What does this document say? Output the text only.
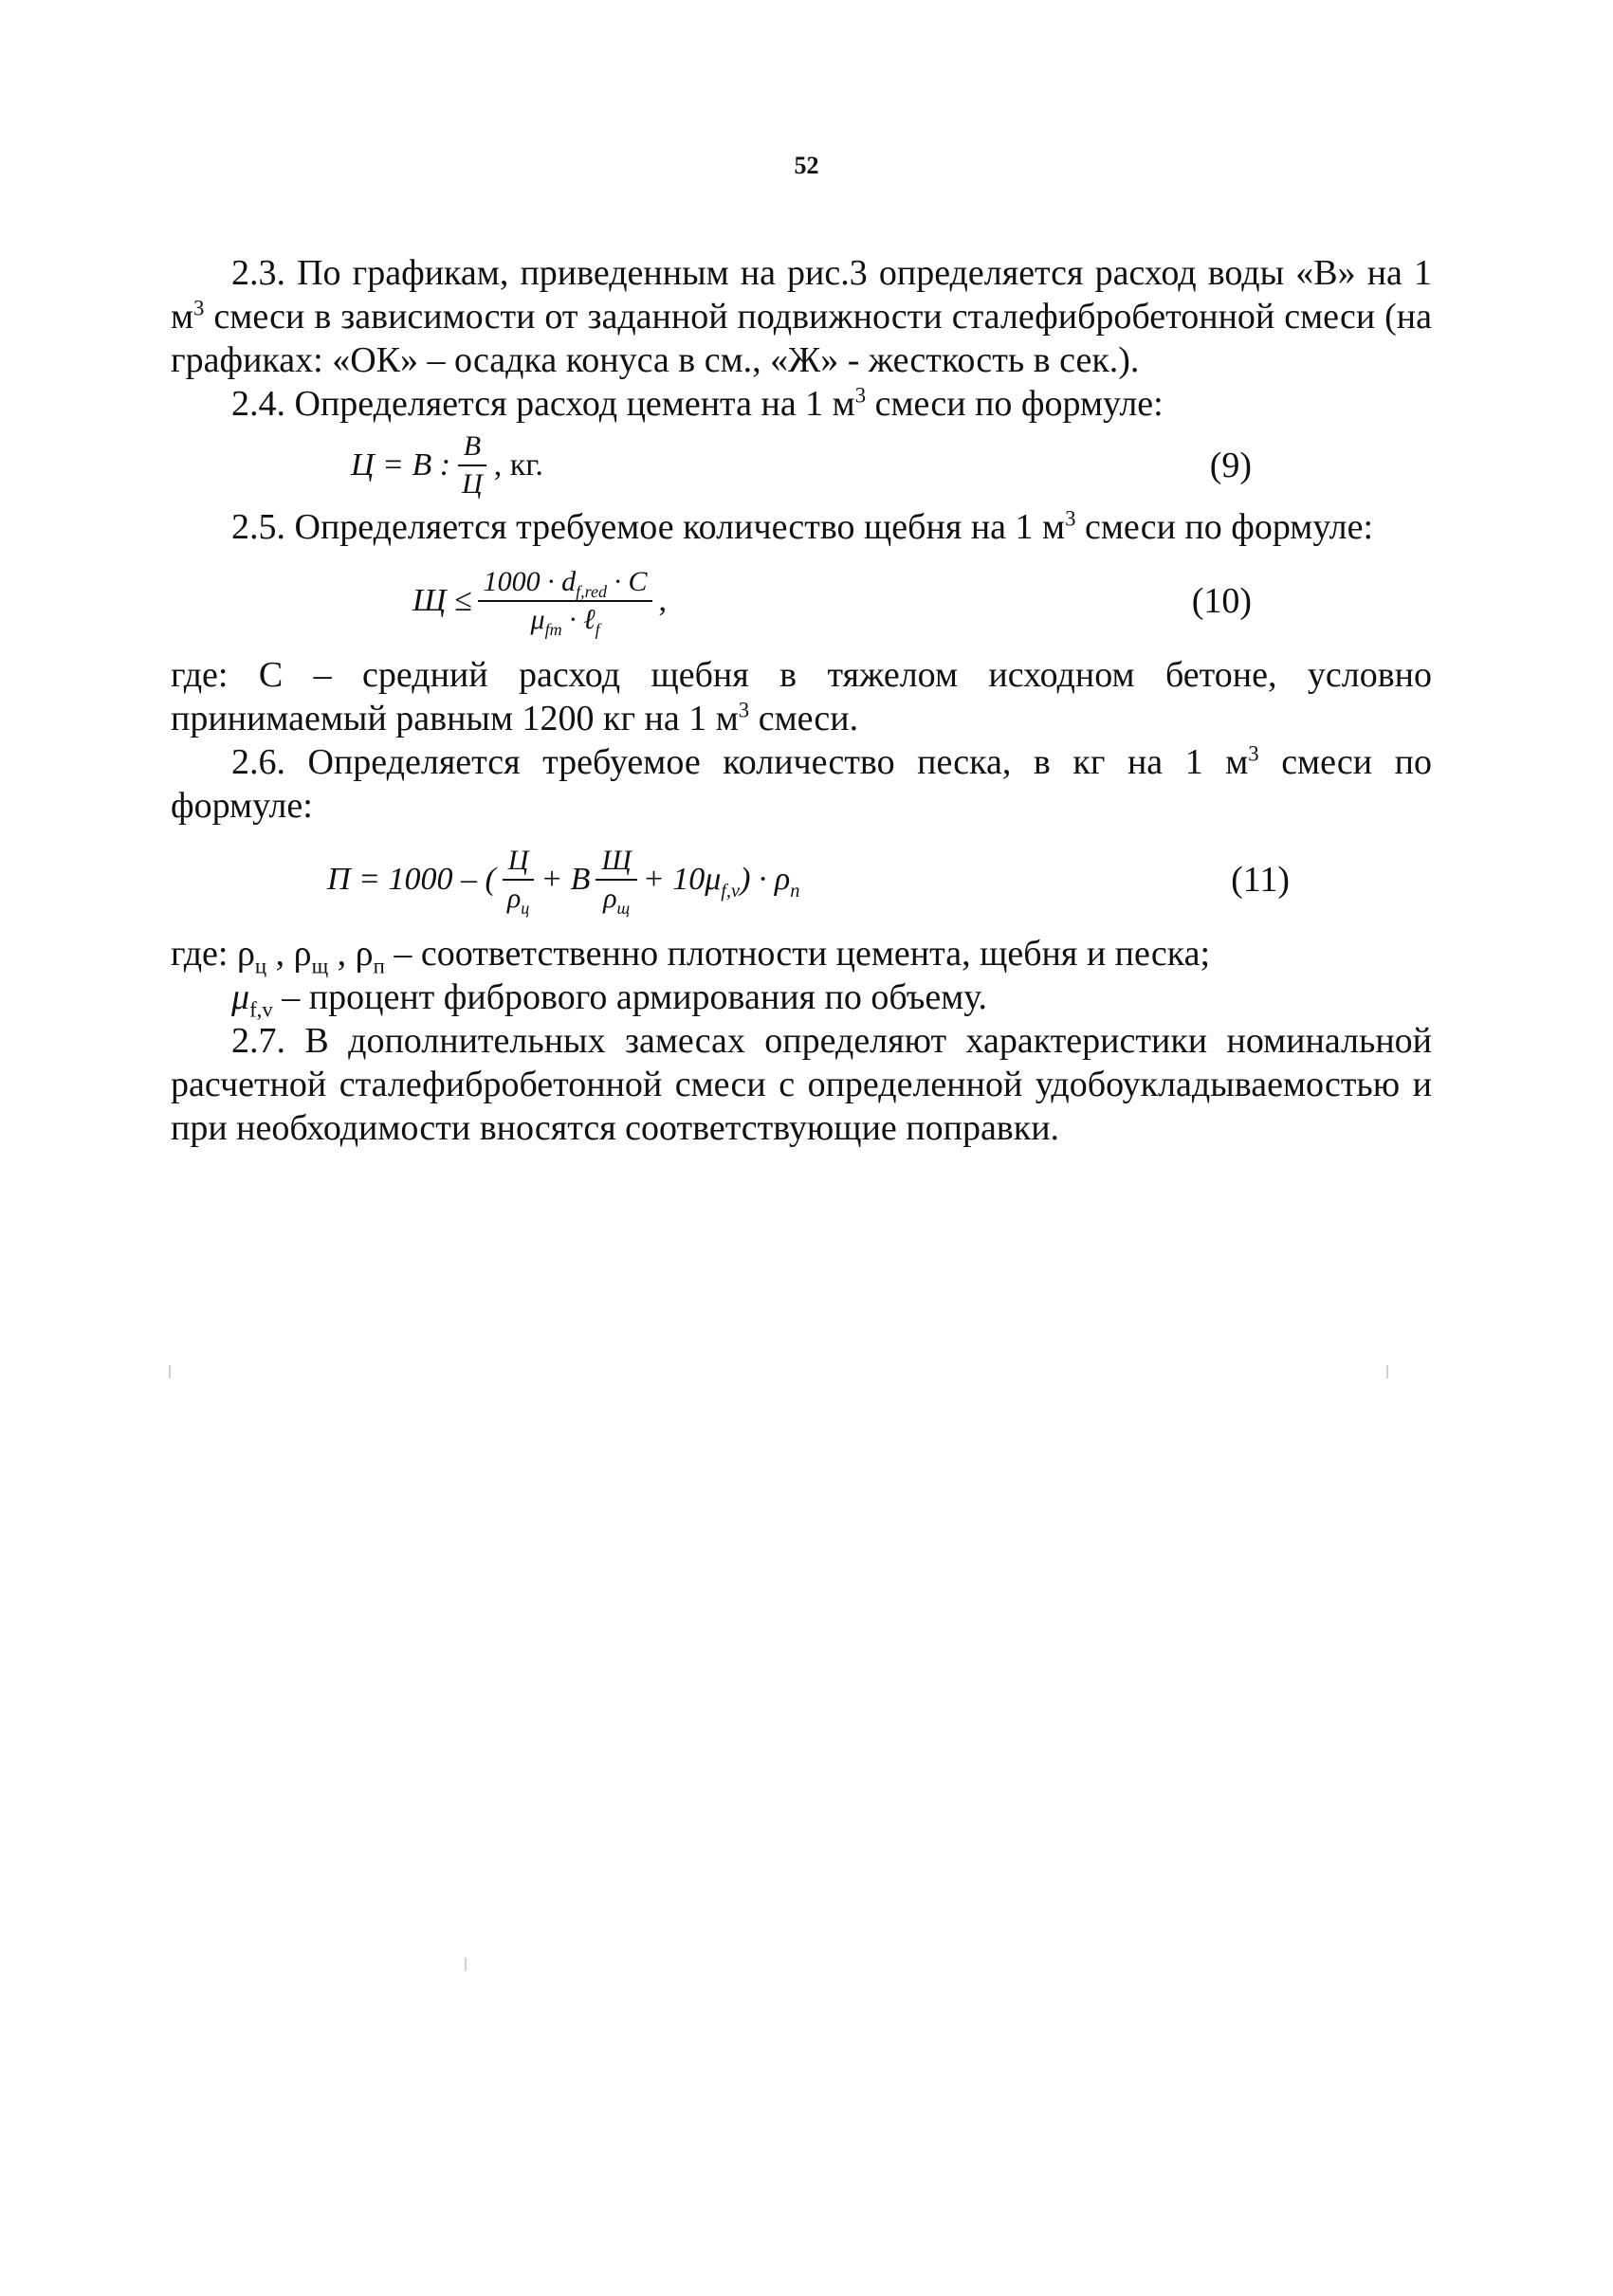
52

2.3. По графикам, приведенным на рис.3 определяется расход воды «В» на 1 $м^3$ смеси в зависимости от заданной подвижности сталефибробетонной смеси (на графиках: «ОК» – осадка конуса в см., «Ж» - жесткость в сек.).

2.4. Определяется расход цемента на 1 $м^3$ смеси по формуле:

Ц = В : $\frac{В}{Ц}$ , кг.	(9)

2.5. Определяется требуемое количество щебня на 1 $м^3$ смеси по формуле:

$Щ \le \frac{1000 \cdot d_{f,red} \cdot C}{\mu_{fm} \cdot \ell_f}$ ,	(10)

где: С – средний расход щебня в тяжелом исходном бетоне, условно принимаемый равным 1200 кг на 1 $м^3$ смеси.

2.6. Определяется требуемое количество песка, в кг на 1 $м^3$ смеси по формуле:

П = 1000 – ( $\frac{Ц}{\rho_ц} + В \frac{Щ}{\rho_щ} + 10\mu_{f,v}$ ) · $\rho_п$	(11)

где: $\rho_ц$ , $\rho_щ$ , $\rho_п$ – соответственно плотности цемента, щебня и песка;

$\mu_{f,v}$ – процент фибрового армирования по объему.

2.7. В дополнительных замесах определяют характеристики номинальной расчетной сталефибробетонной смеси с определенной удобоукладываемостью и при необходимости вносятся соответствующие поправки.
